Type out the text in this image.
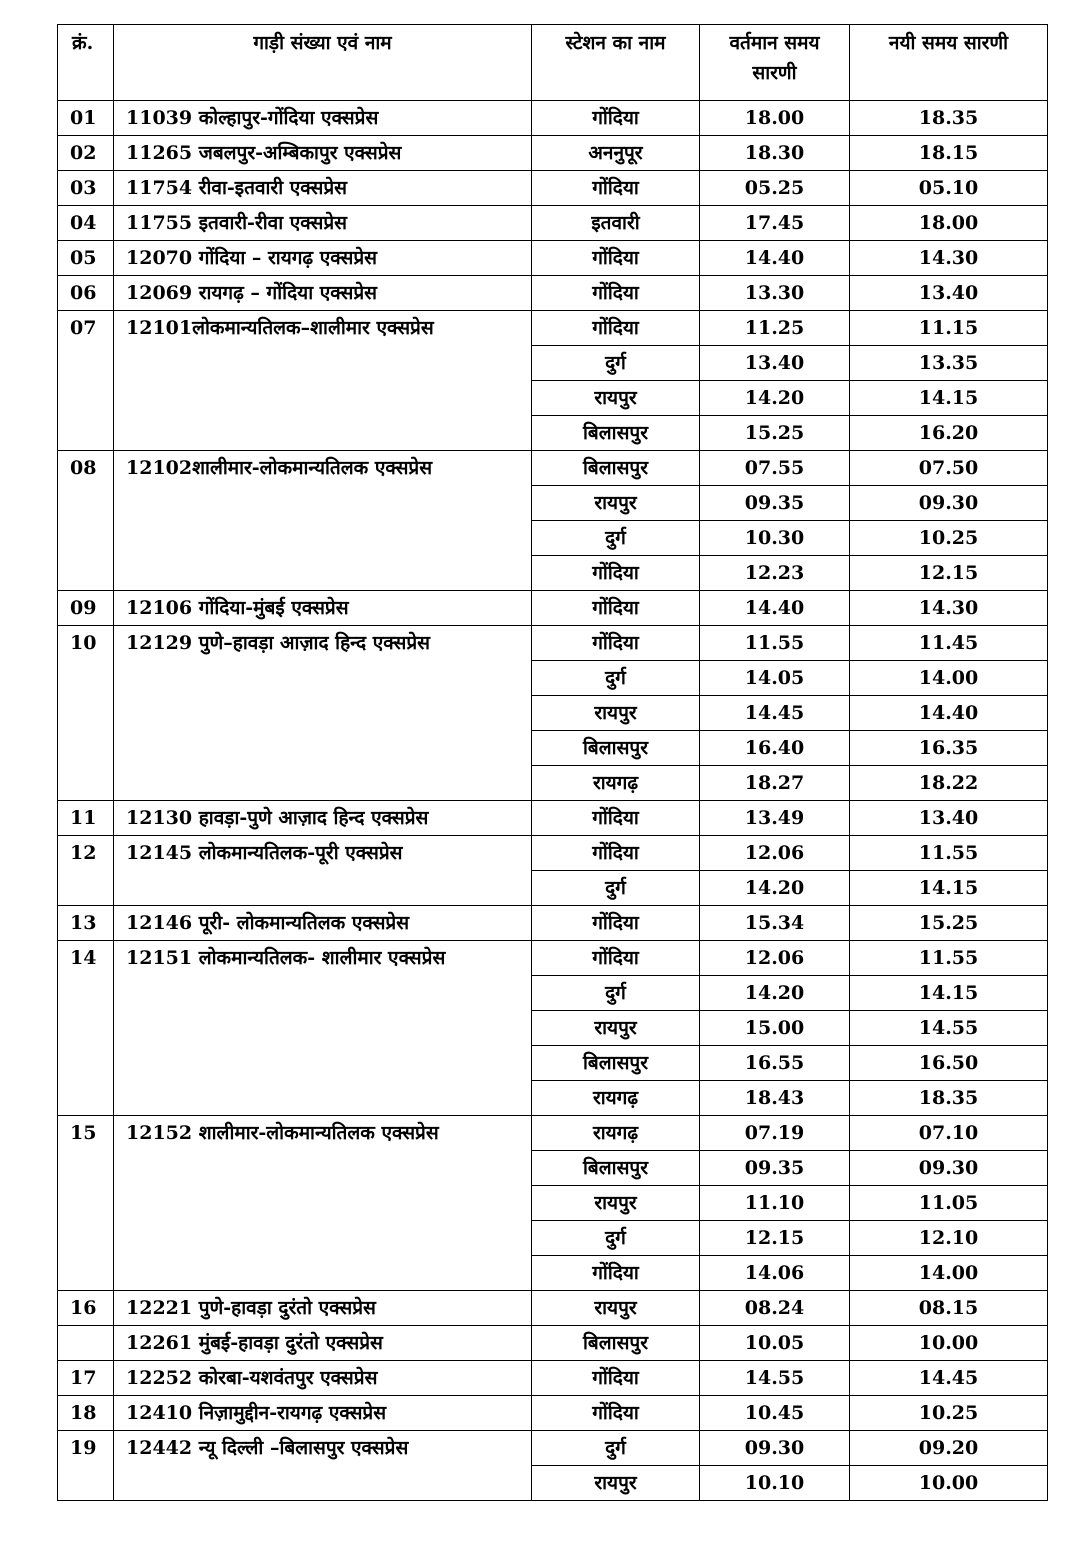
क्रं.	गाड़ी संख्या एवं नाम	स्टेशन का नाम	वर्तमान समय सारणी	नयी समय सारणी
01	11039 कोल्हापुर-गोंदिया एक्सप्रेस	गोंदिया	18.00	18.35
02	11265 जबलपुर-अम्बिकापुर एक्सप्रेस	अननुपूर	18.30	18.15
03	11754 रीवा-इतवारी एक्सप्रेस	गोंदिया	05.25	05.10
04	11755 इतवारी-रीवा एक्सप्रेस	इतवारी	17.45	18.00
05	12070 गोंदिया – रायगढ़ एक्सप्रेस	गोंदिया	14.40	14.30
06	12069 रायगढ़ – गोंदिया एक्सप्रेस	गोंदिया	13.30	13.40
07	12101लोकमान्यतिलक–शालीमार एक्सप्रेस	गोंदिया	11.25	11.15
		दुर्ग	13.40	13.35
		रायपुर	14.20	14.15
		बिलासपुर	15.25	16.20
08	12102शालीमार-लोकमान्यतिलक एक्सप्रेस	बिलासपुर	07.55	07.50
		रायपुर	09.35	09.30
		दुर्ग	10.30	10.25
		गोंदिया	12.23	12.15
09	12106 गोंदिया-मुंबई एक्सप्रेस	गोंदिया	14.40	14.30
10	12129 पुणे–हावड़ा आज़ाद हिन्द एक्सप्रेस	गोंदिया	11.55	11.45
		दुर्ग	14.05	14.00
		रायपुर	14.45	14.40
		बिलासपुर	16.40	16.35
		रायगढ़	18.27	18.22
11	12130 हावड़ा-पुणे आज़ाद हिन्द एक्सप्रेस	गोंदिया	13.49	13.40
12	12145 लोकमान्यतिलक-पूरी एक्सप्रेस	गोंदिया	12.06	11.55
		दुर्ग	14.20	14.15
13	12146 पूरी- लोकमान्यतिलक एक्सप्रेस	गोंदिया	15.34	15.25
14	12151 लोकमान्यतिलक- शालीमार एक्सप्रेस	गोंदिया	12.06	11.55
		दुर्ग	14.20	14.15
		रायपुर	15.00	14.55
		बिलासपुर	16.55	16.50
		रायगढ़	18.43	18.35
15	12152 शालीमार-लोकमान्यतिलक एक्सप्रेस	रायगढ़	07.19	07.10
		बिलासपुर	09.35	09.30
		रायपुर	11.10	11.05
		दुर्ग	12.15	12.10
		गोंदिया	14.06	14.00
16	12221 पुणे-हावड़ा दुरंतो एक्सप्रेस	रायपुर	08.24	08.15
	12261 मुंबई-हावड़ा दुरंतो एक्सप्रेस	बिलासपुर	10.05	10.00
17	12252 कोरबा-यशवंतपुर एक्सप्रेस	गोंदिया	14.55	14.45
18	12410 निज़ामुद्दीन-रायगढ़ एक्सप्रेस	गोंदिया	10.45	10.25
19	12442 न्यू दिल्ली –बिलासपुर एक्सप्रेस	दुर्ग	09.30	09.20
		रायपुर	10.10	10.00
